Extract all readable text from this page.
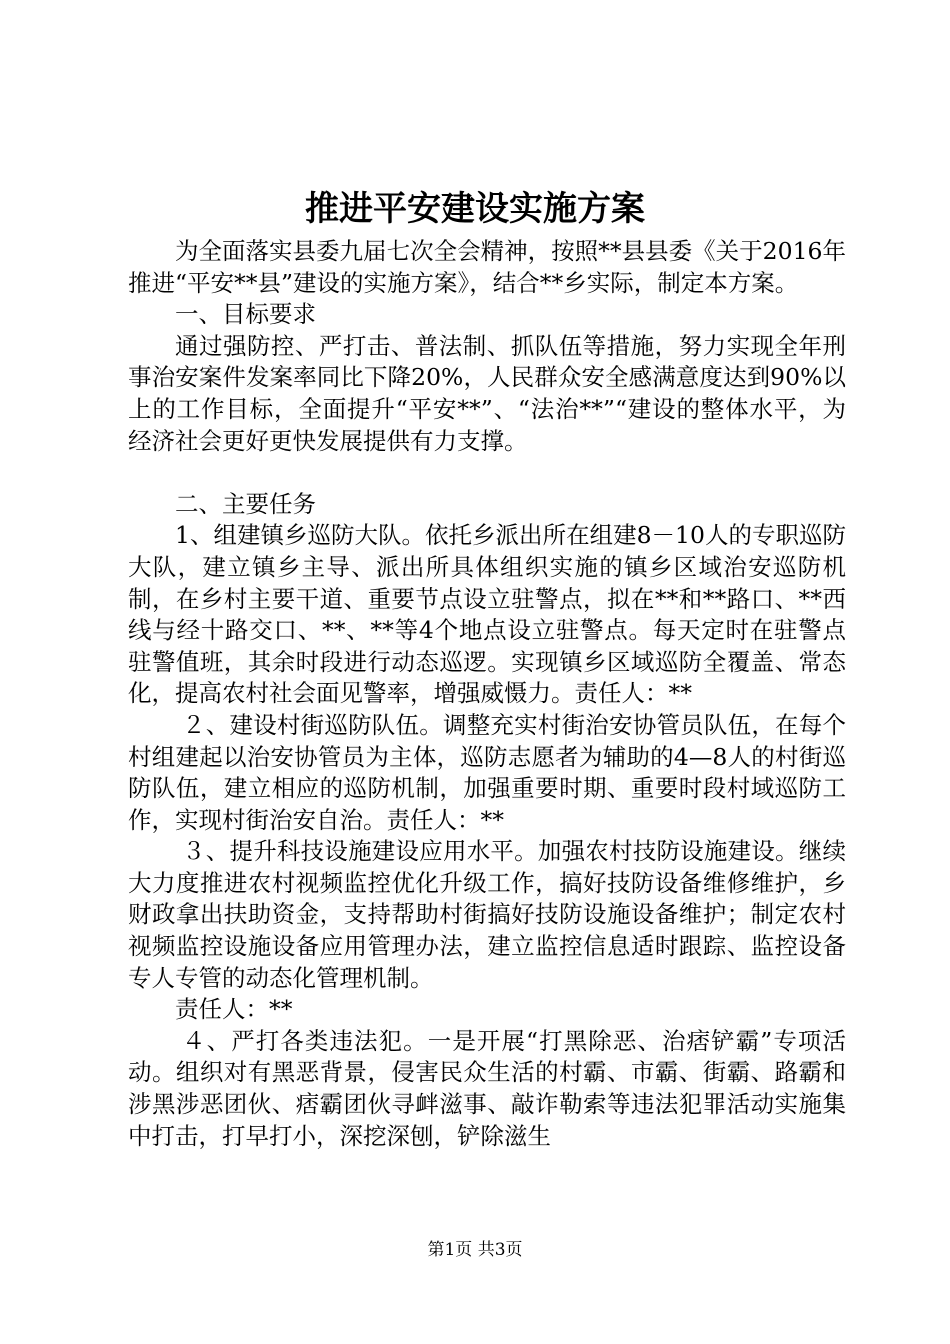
推进平安建设实施方案

为全面落实县委九届七次全会精神，按照**县县委《关于2016年推进“平安**县”建设的实施方案》，结合**乡实际，制定本方案。

一、目标要求

通过强防控、严打击、普法制、抓队伍等措施，努力实现全年刑事治安案件发案率同比下降20%，人民群众安全感满意度达到90%以上的工作目标，全面提升“平安**”、“法治**”“建设的整体水平，为经济社会更好更快发展提供有力支撑。

二、主要任务

1、组建镇乡巡防大队。依托乡派出所在组建8－10人的专职巡防大队，建立镇乡主导、派出所具体组织实施的镇乡区域治安巡防机制，在乡村主要干道、重要节点设立驻警点，拟在**和**路口、**西线与经十路交口、**、**等4个地点设立驻警点。每天定时在驻警点驻警值班，其余时段进行动态巡逻。实现镇乡区域巡防全覆盖、常态化，提高农村社会面见警率，增强威慑力。责任人：**

２、建设村街巡防队伍。调整充实村街治安协管员队伍，在每个村组建起以治安协管员为主体，巡防志愿者为辅助的4—8人的村街巡防队伍，建立相应的巡防机制，加强重要时期、重要时段村域巡防工作，实现村街治安自治。责任人：**

３、提升科技设施建设应用水平。加强农村技防设施建设。继续大力度推进农村视频监控优化升级工作，搞好技防设备维修维护，乡财政拿出扶助资金，支持帮助村街搞好技防设施设备维护；制定农村视频监控设施设备应用管理办法，建立监控信息适时跟踪、监控设备专人专管的动态化管理机制。

责任人：**

４、严打各类违法犯。一是开展“打黑除恶、治痞铲霸”专项活动。组织对有黑恶背景，侵害民众生活的村霸、市霸、街霸、路霸和涉黑涉恶团伙、痞霸团伙寻衅滋事、敲诈勒索等违法犯罪活动实施集中打击，打早打小，深挖深刨，铲除滋生

第1页 共3页
